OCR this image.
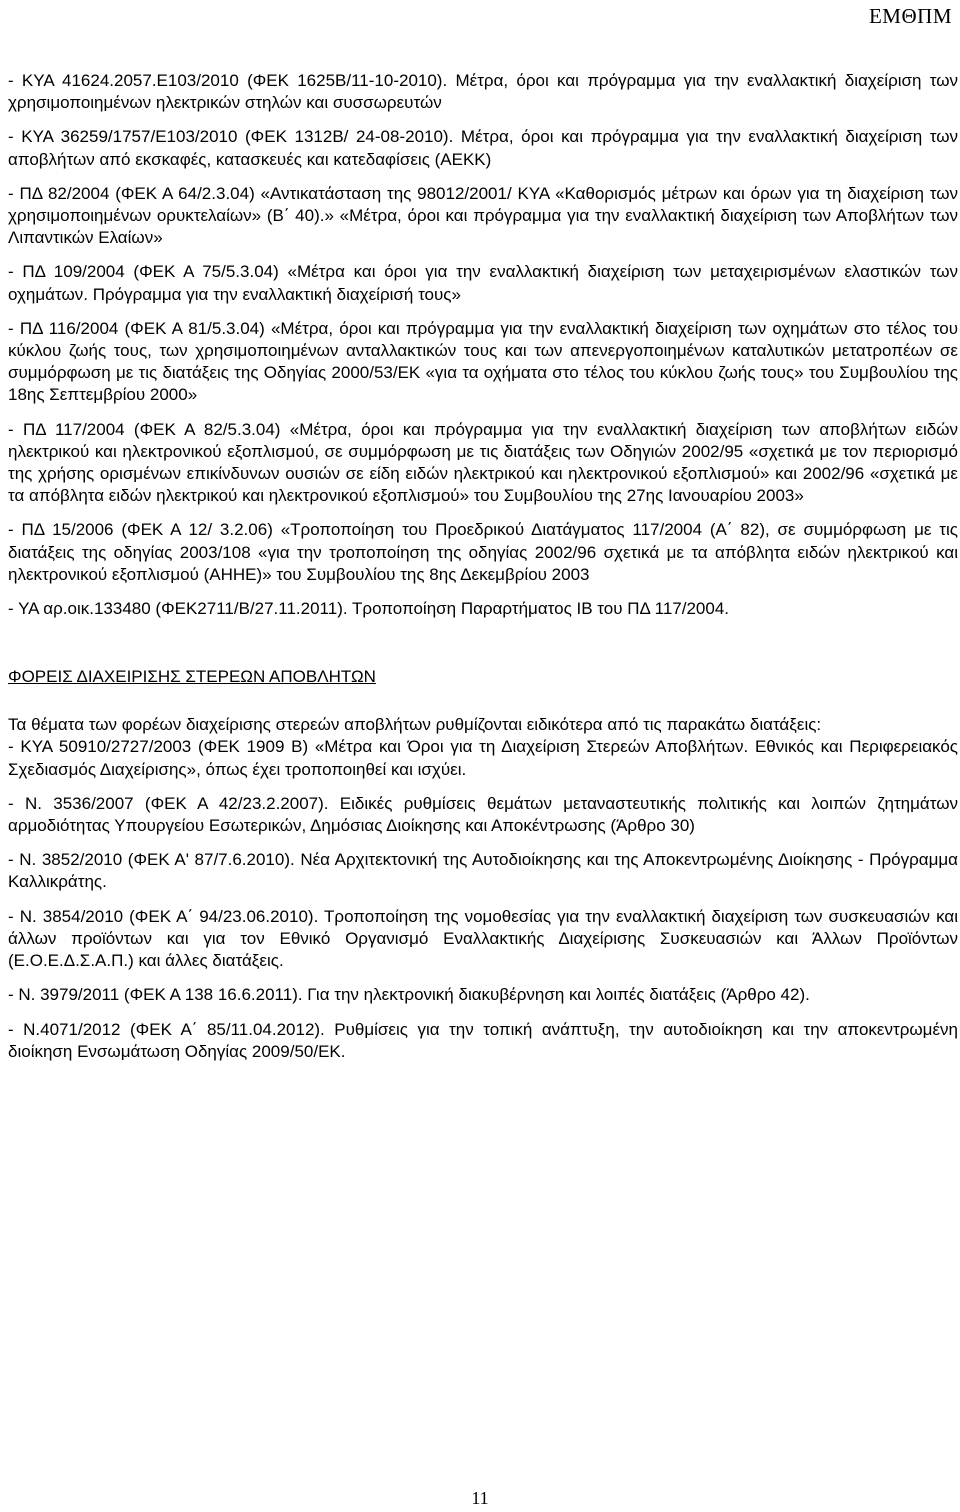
ΕΜΘΠΜ

- ΚΥΑ 41624.2057.Ε103/2010 (ΦΕΚ 1625Β/11-10-2010). Μέτρα, όροι και πρόγραμμα για την εναλλακτική διαχείριση των χρησιμοποιημένων ηλεκτρικών στηλών και συσσωρευτών

- ΚΥΑ 36259/1757/Ε103/2010 (ΦΕΚ 1312Β/ 24-08-2010). Μέτρα, όροι και πρόγραμμα για την εναλλακτική διαχείριση των αποβλήτων από εκσκαφές, κατασκευές και κατεδαφίσεις (ΑΕΚΚ)

- ΠΔ 82/2004 (ΦΕΚ Α 64/2.3.04) «Αντικατάσταση της 98012/2001/ ΚΥΑ «Καθορισμός μέτρων και όρων για τη διαχείριση των χρησιμοποιημένων ορυκτελαίων» (Β΄ 40).» «Μέτρα, όροι και πρόγραμμα για την εναλλακτική διαχείριση των Αποβλήτων των Λιπαντικών Ελαίων»

- ΠΔ 109/2004 (ΦΕΚ Α 75/5.3.04) «Μέτρα και όροι για την εναλλακτική διαχείριση των μεταχειρισμένων ελαστικών των οχημάτων. Πρόγραμμα για την εναλλακτική διαχείρισή τους»

- ΠΔ 116/2004 (ΦΕΚ Α 81/5.3.04) «Μέτρα, όροι και πρόγραμμα για την εναλλακτική διαχείριση των οχημάτων στο τέλος του κύκλου ζωής τους, των χρησιμοποιημένων ανταλλακτικών τους και των απενεργοποιημένων καταλυτικών μετατροπέων σε συμμόρφωση με τις διατάξεις της Οδηγίας 2000/53/ΕΚ «για τα οχήματα στο τέλος του κύκλου ζωής τους» του Συμβουλίου της 18ης Σεπτεμβρίου 2000»

- ΠΔ 117/2004 (ΦΕΚ Α 82/5.3.04) «Μέτρα, όροι και πρόγραμμα για την εναλλακτική διαχείριση των αποβλήτων ειδών ηλεκτρικού και ηλεκτρονικού εξοπλισμού, σε συμμόρφωση με τις διατάξεις των Οδηγιών 2002/95 «σχετικά με τον περιορισμό της χρήσης ορισμένων επικίνδυνων ουσιών σε είδη ειδών ηλεκτρικού και ηλεκτρονικού εξοπλισμού» και 2002/96 «σχετικά με τα απόβλητα ειδών ηλεκτρικού και ηλεκτρονικού εξοπλισμού» του Συμβουλίου της 27ης Ιανουαρίου 2003»

- ΠΔ 15/2006 (ΦΕΚ Α 12/ 3.2.06) «Τροποποίηση του Προεδρικού Διατάγματος 117/2004 (Α΄ 82), σε συμμόρφωση με τις διατάξεις της οδηγίας 2003/108 «για την τροποποίηση της οδηγίας 2002/96 σχετικά με τα απόβλητα ειδών ηλεκτρικού και ηλεκτρονικού εξοπλισμού (ΑΗΗΕ)» του Συμβουλίου της 8ης Δεκεμβρίου 2003

- ΥΑ αρ.οικ.133480 (ΦΕΚ2711/Β/27.11.2011). Τροποποίηση Παραρτήματος ΙΒ του ΠΔ 117/2004.

ΦΟΡΕΙΣ ΔΙΑΧΕΙΡΙΣΗΣ ΣΤΕΡΕΩΝ ΑΠΟΒΛΗΤΩΝ

Τα θέματα των φορέων διαχείρισης στερεών αποβλήτων ρυθμίζονται ειδικότερα από τις παρακάτω διατάξεις:

- ΚΥΑ 50910/2727/2003 (ΦΕΚ 1909 Β) «Μέτρα και Όροι για τη Διαχείριση Στερεών Αποβλήτων. Εθνικός και Περιφερειακός Σχεδιασμός Διαχείρισης», όπως έχει τροποποιηθεί και ισχύει.

- Ν. 3536/2007 (ΦΕΚ Α 42/23.2.2007). Ειδικές ρυθμίσεις θεμάτων μεταναστευτικής πολιτικής και λοιπών ζητημάτων αρμοδιότητας Υπουργείου Εσωτερικών, Δημόσιας Διοίκησης και Αποκέντρωσης (Άρθρο 30)

- Ν. 3852/2010 (ΦΕΚ Α' 87/7.6.2010). Νέα Αρχιτεκτονική της Αυτοδιοίκησης και της Αποκεντρωμένης Διοίκησης - Πρόγραμμα Καλλικράτης.

- Ν. 3854/2010 (ΦΕΚ Α΄ 94/23.06.2010). Τροποποίηση της νομοθεσίας για την εναλλακτική διαχείριση των συσκευασιών και άλλων προϊόντων και για τον Εθνικό Οργανισμό Εναλλακτικής Διαχείρισης Συσκευασιών και Άλλων Προϊόντων (Ε.Ο.Ε.Δ.Σ.Α.Π.) και άλλες διατάξεις.

- Ν. 3979/2011 (ΦΕΚ Α 138 16.6.2011). Για την ηλεκτρονική διακυβέρνηση και λοιπές διατάξεις (Άρθρο 42).

- Ν.4071/2012 (ΦΕΚ Α΄ 85/11.04.2012). Ρυθμίσεις για την τοπική ανάπτυξη, την αυτοδιοίκηση και την αποκεντρωμένη διοίκηση Ενσωμάτωση Οδηγίας 2009/50/ΕΚ.

11
